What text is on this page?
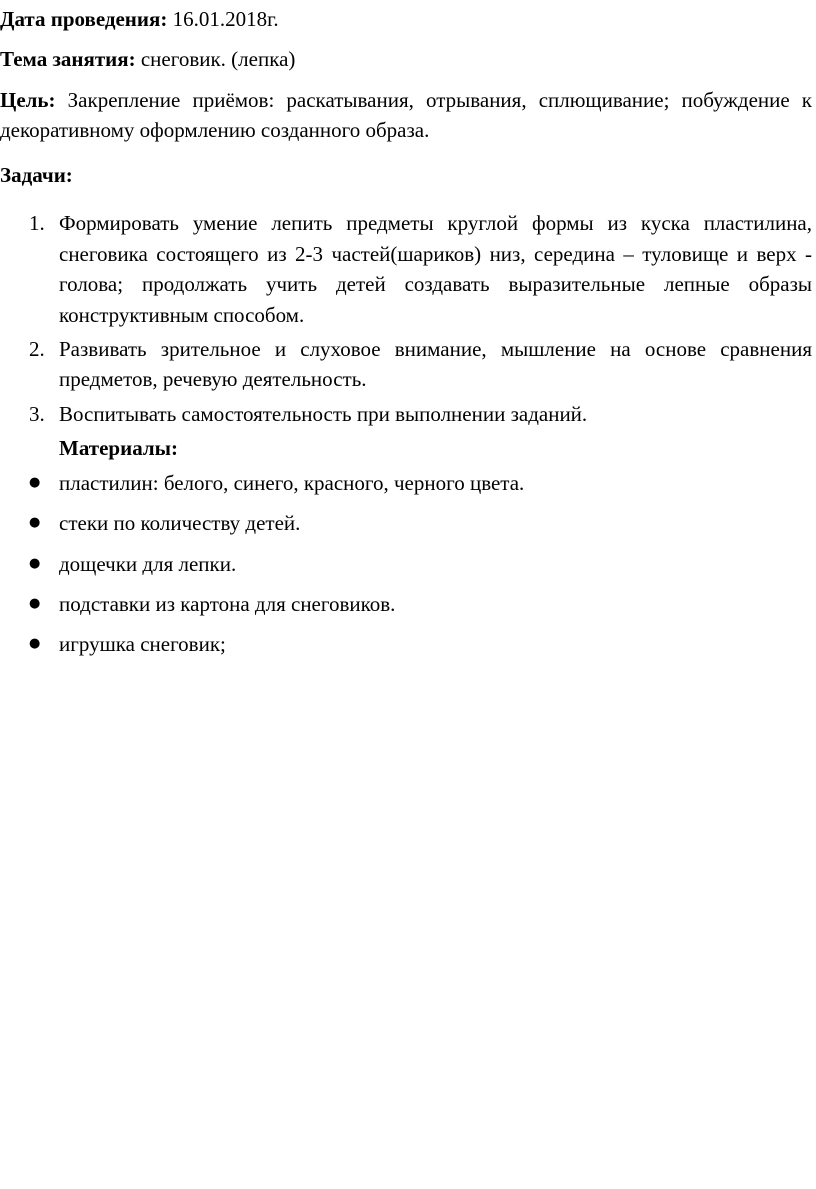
Дата проведения: 16.01.2018г.

Тема занятия: снеговик. (лепка)

Цель: Закрепление приёмов: раскатывания, отрывания, сплющивание; побуждение к декоративному оформлению созданного образа.

Задачи:

1. Формировать умение лепить предметы круглой формы из куска пластилина, снеговика состоящего из 2-3 частей(шариков) низ, середина – туловище и верх - голова; продолжать учить детей создавать выразительные лепные образы конструктивным способом.
2. Развивать зрительное и слуховое внимание, мышление на основе сравнения предметов, речевую деятельность.
3. Воспитывать самостоятельность при выполнении заданий.

Материалы:

● пластилин: белого, синего, красного, черного цвета.
● стеки по количеству детей.
● дощечки для лепки.
● подставки из картона для снеговиков.
● игрушка снеговик;
